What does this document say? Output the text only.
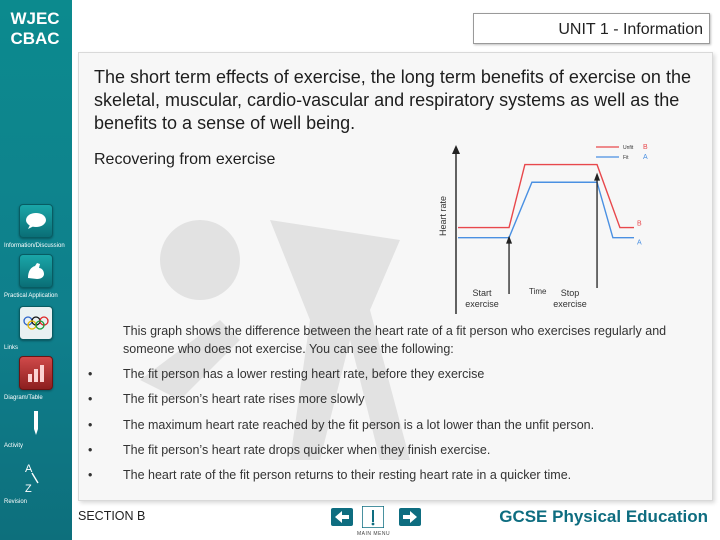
WJEC
CBAC
Information/Discussion
Practical Application
Links
Diagram/Table
Activity
A
Z
Revision
UNIT 1 - Information
The short term effects of exercise, the long term benefits of exercise on the skeletal, muscular, cardio-vascular and respiratory systems as well as the benefits to a sense of well being.
Recovering from exercise
Heart rate
Time
Unfit B
Fit A
B
A
Start exercise
Stop exercise
This graph shows the difference between the heart rate of a fit person who exercises regularly and someone who does not exercise. You can see the following:
•	The fit person has a lower resting heart rate, before they exercise
•	The fit person’s heart rate rises more slowly
•	The maximum heart rate reached by the fit person is a lot lower than the unfit person.
•	The fit person’s heart rate drops quicker when they finish exercise.
•	The heart rate of the fit person returns to their resting heart rate in a quicker time.
SECTION B
MAIN MENU
GCSE Physical Education
